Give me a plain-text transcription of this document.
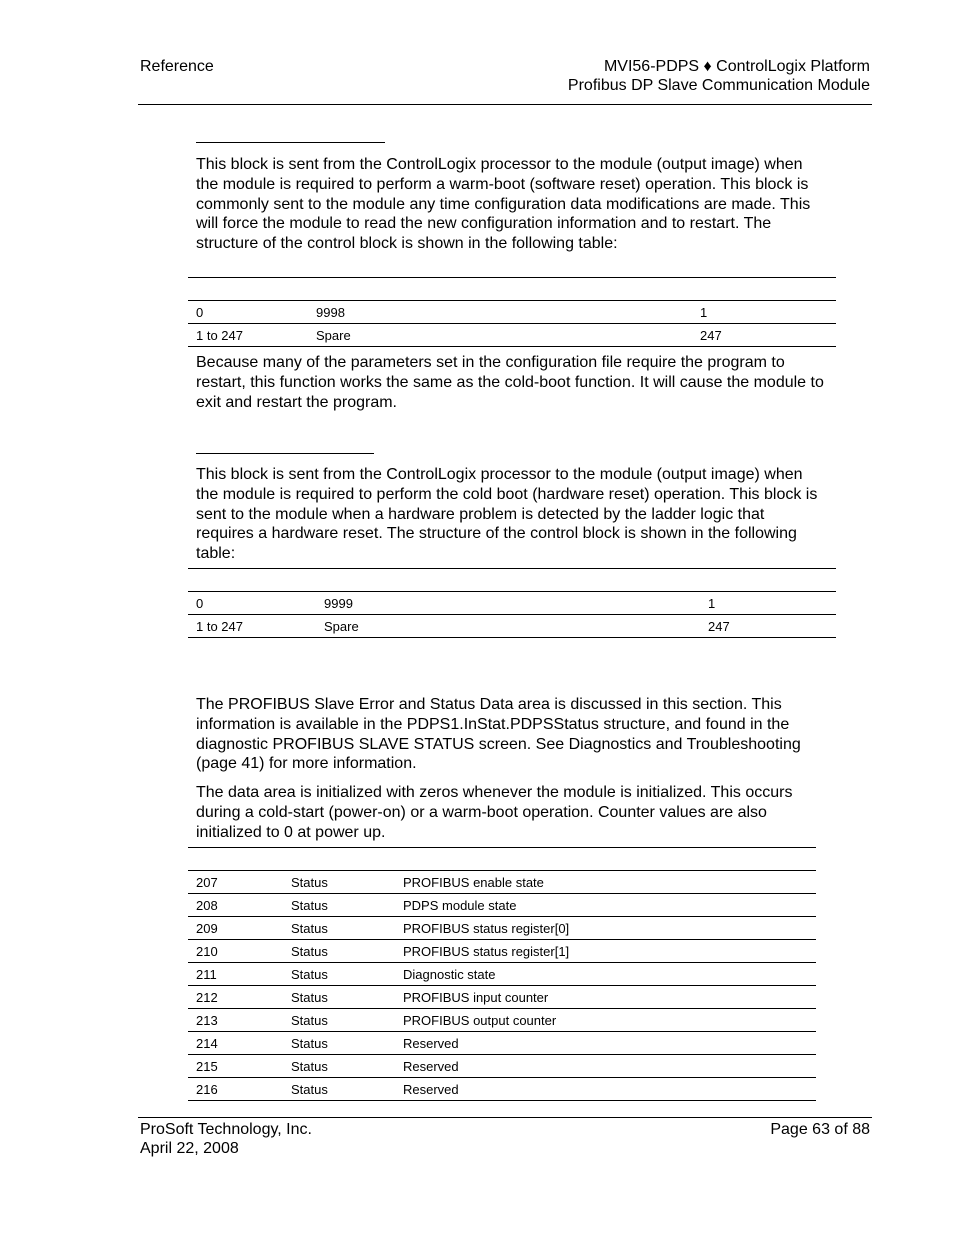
Reference	MVI56-PDPS ♦ ControlLogix Platform
Profibus DP Slave Communication Module

This block is sent from the ControlLogix processor to the module (output image) when the module is required to perform a warm-boot (software reset) operation. This block is commonly sent to the module any time configuration data modifications are made. This will force the module to read the new configuration information and to restart. The structure of the control block is shown in the following table:

0	9998	1
1 to 247	Spare	247

Because many of the parameters set in the configuration file require the program to restart, this function works the same as the cold-boot function. It will cause the module to exit and restart the program.

This block is sent from the ControlLogix processor to the module (output image) when the module is required to perform the cold boot (hardware reset) operation. This block is sent to the module when a hardware problem is detected by the ladder logic that requires a hardware reset. The structure of the control block is shown in the following table:

0	9999	1
1 to 247	Spare	247

The PROFIBUS Slave Error and Status Data area is discussed in this section. This information is available in the PDPS1.InStat.PDPSStatus structure, and found in the diagnostic PROFIBUS SLAVE STATUS screen. See Diagnostics and Troubleshooting (page 41) for more information.

The data area is initialized with zeros whenever the module is initialized. This occurs during a cold-start (power-on) or a warm-boot operation. Counter values are also initialized to 0 at power up.

207	Status	PROFIBUS enable state
208	Status	PDPS module state
209	Status	PROFIBUS status register[0]
210	Status	PROFIBUS status register[1]
211	Status	Diagnostic state
212	Status	PROFIBUS input counter
213	Status	PROFIBUS output counter
214	Status	Reserved
215	Status	Reserved
216	Status	Reserved
ProSoft Technology, Inc.
April 22, 2008
Page 63 of 88
